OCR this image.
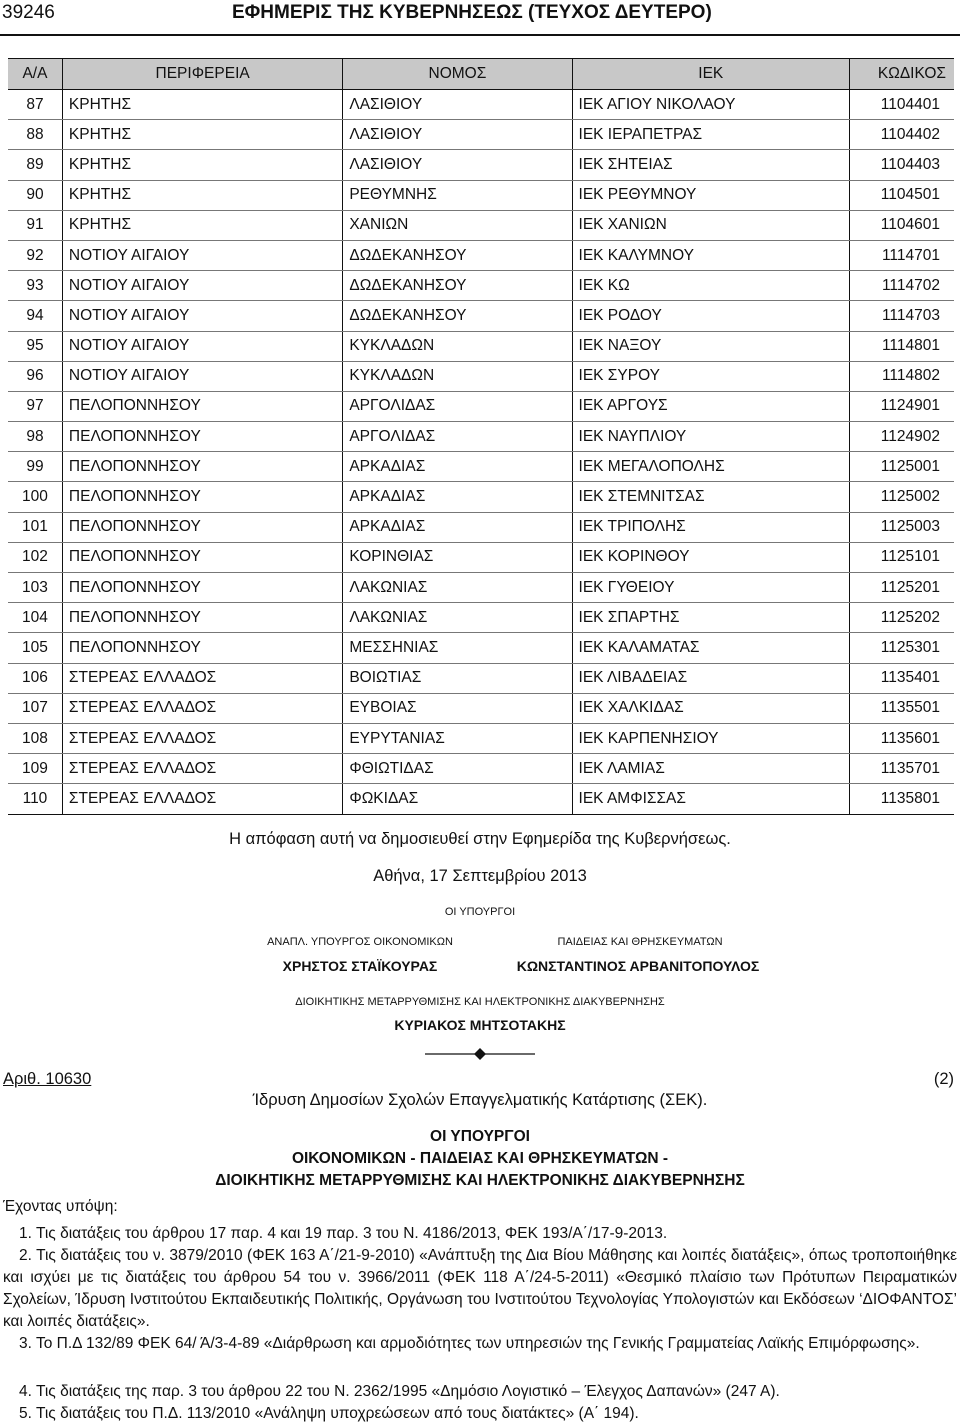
39246	ΕΦΗΜΕΡΙΣ ΤΗΣ ΚΥΒΕΡΝΗΣΕΩΣ (ΤΕΥΧΟΣ ΔΕΥΤΕΡΟ)
Α/Α	ΠΕΡΙΦΕΡΕΙΑ	ΝΟΜΟΣ	ΙΕΚ	ΚΩΔΙΚΟΣ
87	ΚΡΗΤΗΣ	ΛΑΣΙΘΙΟΥ	ΙΕΚ ΑΓΙΟΥ ΝΙΚΟΛΑΟΥ	1104401
88	ΚΡΗΤΗΣ	ΛΑΣΙΘΙΟΥ	ΙΕΚ ΙΕΡΑΠΕΤΡΑΣ	1104402
89	ΚΡΗΤΗΣ	ΛΑΣΙΘΙΟΥ	ΙΕΚ ΣΗΤΕΙΑΣ	1104403
90	ΚΡΗΤΗΣ	ΡΕΘΥΜΝΗΣ	ΙΕΚ ΡΕΘΥΜΝΟΥ	1104501
91	ΚΡΗΤΗΣ	ΧΑΝΙΩΝ	ΙΕΚ ΧΑΝΙΩΝ	1104601
92	ΝΟΤΙΟΥ ΑΙΓΑΙΟΥ	ΔΩΔΕΚΑΝΗΣΟΥ	ΙΕΚ ΚΑΛΥΜΝΟΥ	1114701
93	ΝΟΤΙΟΥ ΑΙΓΑΙΟΥ	ΔΩΔΕΚΑΝΗΣΟΥ	ΙΕΚ ΚΩ	1114702
94	ΝΟΤΙΟΥ ΑΙΓΑΙΟΥ	ΔΩΔΕΚΑΝΗΣΟΥ	ΙΕΚ ΡΟΔΟΥ	1114703
95	ΝΟΤΙΟΥ ΑΙΓΑΙΟΥ	ΚΥΚΛΑΔΩΝ	ΙΕΚ ΝΑΞΟΥ	1114801
96	ΝΟΤΙΟΥ ΑΙΓΑΙΟΥ	ΚΥΚΛΑΔΩΝ	ΙΕΚ ΣΥΡΟΥ	1114802
97	ΠΕΛΟΠΟΝΝΗΣΟΥ	ΑΡΓΟΛΙΔΑΣ	ΙΕΚ ΑΡΓΟΥΣ	1124901
98	ΠΕΛΟΠΟΝΝΗΣΟΥ	ΑΡΓΟΛΙΔΑΣ	ΙΕΚ ΝΑΥΠΛΙΟΥ	1124902
99	ΠΕΛΟΠΟΝΝΗΣΟΥ	ΑΡΚΑΔΙΑΣ	ΙΕΚ ΜΕΓΑΛΟΠΟΛΗΣ	1125001
100	ΠΕΛΟΠΟΝΝΗΣΟΥ	ΑΡΚΑΔΙΑΣ	ΙΕΚ ΣΤΕΜΝΙΤΣΑΣ	1125002
101	ΠΕΛΟΠΟΝΝΗΣΟΥ	ΑΡΚΑΔΙΑΣ	ΙΕΚ ΤΡΙΠΟΛΗΣ	1125003
102	ΠΕΛΟΠΟΝΝΗΣΟΥ	ΚΟΡΙΝΘΙΑΣ	ΙΕΚ ΚΟΡΙΝΘΟΥ	1125101
103	ΠΕΛΟΠΟΝΝΗΣΟΥ	ΛΑΚΩΝΙΑΣ	ΙΕΚ ΓΥΘΕΙΟΥ	1125201
104	ΠΕΛΟΠΟΝΝΗΣΟΥ	ΛΑΚΩΝΙΑΣ	ΙΕΚ ΣΠΑΡΤΗΣ	1125202
105	ΠΕΛΟΠΟΝΝΗΣΟΥ	ΜΕΣΣΗΝΙΑΣ	ΙΕΚ ΚΑΛΑΜΑΤΑΣ	1125301
106	ΣΤΕΡΕΑΣ ΕΛΛΑΔΟΣ	ΒΟΙΩΤΙΑΣ	ΙΕΚ ΛΙΒΑΔΕΙΑΣ	1135401
107	ΣΤΕΡΕΑΣ ΕΛΛΑΔΟΣ	ΕΥΒΟΙΑΣ	ΙΕΚ ΧΑΛΚΙΔΑΣ	1135501
108	ΣΤΕΡΕΑΣ ΕΛΛΑΔΟΣ	ΕΥΡΥΤΑΝΙΑΣ	ΙΕΚ ΚΑΡΠΕΝΗΣΙΟΥ	1135601
109	ΣΤΕΡΕΑΣ ΕΛΛΑΔΟΣ	ΦΘΙΩΤΙΔΑΣ	ΙΕΚ ΛΑΜΙΑΣ	1135701
110	ΣΤΕΡΕΑΣ ΕΛΛΑΔΟΣ	ΦΩΚΙΔΑΣ	ΙΕΚ ΑΜΦΙΣΣΑΣ	1135801
Η απόφαση αυτή να δημοσιευθεί στην Εφημερίδα της Κυβερνήσεως.
Αθήνα, 17 Σεπτεμβρίου 2013
ΟΙ ΥΠΟΥΡΓΟΙ
ΑΝΑΠΛ. ΥΠΟΥΡΓΟΣ ΟΙΚΟΝΟΜΙΚΩΝ
ΧΡΗΣΤΟΣ ΣΤΑΪΚΟΥΡΑΣ
ΠΑΙΔΕΙΑΣ ΚΑΙ ΘΡΗΣΚΕΥΜΑΤΩΝ
ΚΩΝΣΤΑΝΤΙΝΟΣ ΑΡΒΑΝΙΤΟΠΟΥΛΟΣ
ΔΙΟΙΚΗΤΙΚΗΣ ΜΕΤΑΡΡΥΘΜΙΣΗΣ ΚΑΙ ΗΛΕΚΤΡΟΝΙΚΗΣ ΔΙΑΚΥΒΕΡΝΗΣΗΣ
ΚΥΡΙΑΚΟΣ ΜΗΤΣΟΤΑΚΗΣ
Αριθ. 10630	(2)
Ίδρυση Δημοσίων Σχολών Επαγγελματικής Κατάρτισης (ΣΕΚ).
ΟΙ ΥΠΟΥΡΓΟΙ
ΟΙΚΟΝΟΜΙΚΩΝ - ΠΑΙΔΕΙΑΣ ΚΑΙ ΘΡΗΣΚΕΥΜΑΤΩΝ -
ΔΙΟΙΚΗΤΙΚΗΣ ΜΕΤΑΡΡΥΘΜΙΣΗΣ ΚΑΙ ΗΛΕΚΤΡΟΝΙΚΗΣ ΔΙΑΚΥΒΕΡΝΗΣΗΣ
Έχοντας υπόψη:
1. Τις διατάξεις του άρθρου 17 παρ. 4 και 19 παρ. 3 του Ν. 4186/2013, ΦΕΚ 193/Α΄/17-9-2013.
2. Τις διατάξεις του ν. 3879/2010 (ΦΕΚ 163 Α΄/21-9-2010) «Ανάπτυξη της Δια Βίου Μάθησης και λοιπές διατάξεις», όπως τροποποιήθηκε και ισχύει με τις διατάξεις του άρθρου 54 του ν. 3966/2011 (ΦΕΚ 118 Α΄/24-5-2011) «Θεσμικό πλαίσιο των Πρότυπων Πειραματικών Σχολείων, Ίδρυση Ινστιτούτου Εκπαιδευτικής Πολιτικής, Οργάνωση του Ινστιτούτου Τεχνολογίας Υπολογιστών και Εκδόσεων ‘ΔΙΟΦΑΝΤΟΣ’ και λοιπές διατάξεις».
3. Το Π.Δ 132/89 ΦΕΚ 64/ Ά/3-4-89 «Διάρθρωση και αρμοδιότητες των υπηρεσιών της Γενικής Γραμματείας Λαϊκής Επιμόρφωσης».
4. Τις διατάξεις της παρ. 3 του άρθρου 22 του Ν. 2362/1995 «Δημόσιο Λογιστικό – Έλεγχος Δαπανών» (247 Α).
5. Τις διατάξεις του Π.Δ. 113/2010 «Ανάληψη υποχρεώσεων από τους διατάκτες» (Α΄ 194).
